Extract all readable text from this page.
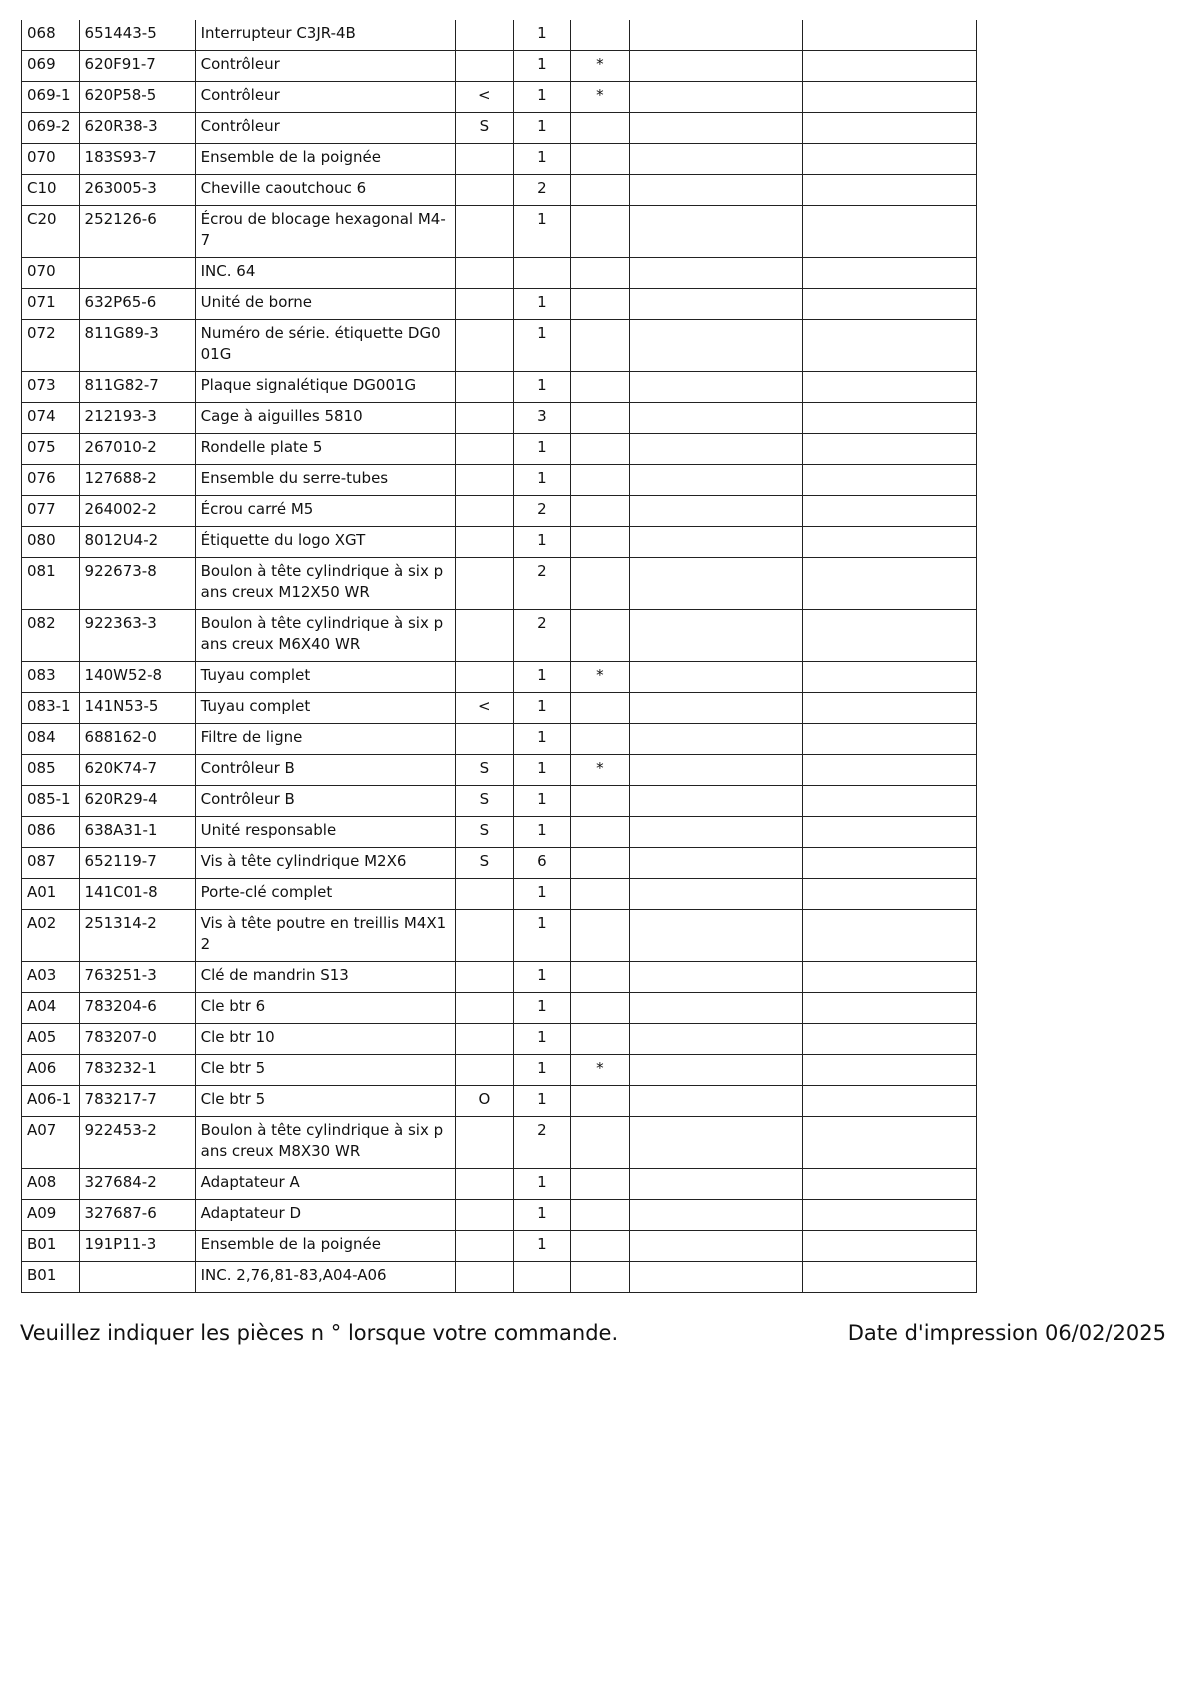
068	651443-5	Interrupteur C3JR-4B		1			
069	620F91-7	Contrôleur		1	*		
069-1	620P58-5	Contrôleur	<	1	*		
069-2	620R38-3	Contrôleur	S	1			
070	183S93-7	Ensemble de la poignée		1			
C10	263005-3	Cheville caoutchouc 6		2			
C20	252126-6	Écrou de blocage hexagonal M4-7		1			
070		INC. 64					
071	632P65-6	Unité de borne		1			
072	811G89-3	Numéro de série. étiquette DG001G		1			
073	811G82-7	Plaque signalétique DG001G		1			
074	212193-3	Cage à aiguilles 5810		3			
075	267010-2	Rondelle plate 5		1			
076	127688-2	Ensemble du serre-tubes		1			
077	264002-2	Écrou carré M5		2			
080	8012U4-2	Étiquette du logo XGT		1			
081	922673-8	Boulon à tête cylindrique à six pans creux M12X50 WR		2			
082	922363-3	Boulon à tête cylindrique à six pans creux M6X40 WR		2			
083	140W52-8	Tuyau complet		1	*		
083-1	141N53-5	Tuyau complet	<	1			
084	688162-0	Filtre de ligne		1			
085	620K74-7	Contrôleur B	S	1	*		
085-1	620R29-4	Contrôleur B	S	1			
086	638A31-1	Unité responsable	S	1			
087	652119-7	Vis à tête cylindrique M2X6	S	6			
A01	141C01-8	Porte-clé complet		1			
A02	251314-2	Vis à tête poutre en treillis M4X12		1			
A03	763251-3	Clé de mandrin S13		1			
A04	783204-6	Cle btr 6		1			
A05	783207-0	Cle btr 10		1			
A06	783232-1	Cle btr 5		1	*		
A06-1	783217-7	Cle btr 5	O	1			
A07	922453-2	Boulon à tête cylindrique à six pans creux M8X30 WR		2			
A08	327684-2	Adaptateur A		1			
A09	327687-6	Adaptateur D		1			
B01	191P11-3	Ensemble de la poignée		1			
B01		INC. 2,76,81-83,A04-A06					
Veuillez indiquer les pièces n ° lorsque votre commande.	Date d'impression 06/02/2025
